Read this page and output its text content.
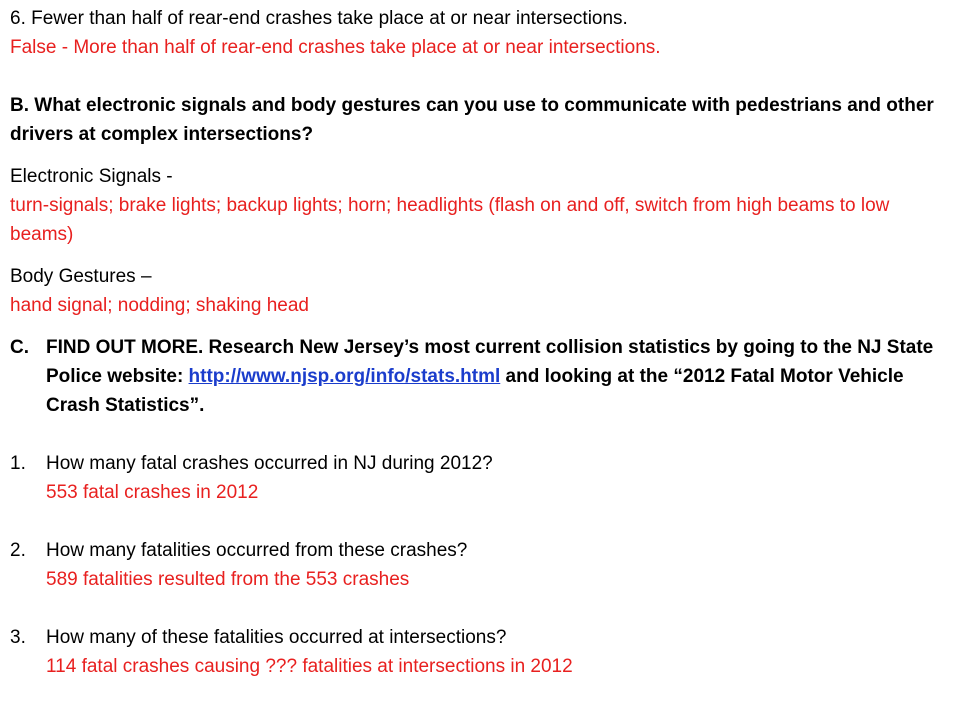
6. Fewer than half of rear-end crashes take place at or near intersections.
False - More than half of rear-end crashes take place at or near intersections.
B. What electronic signals and body gestures can you use to communicate with pedestrians and other drivers at complex intersections?
Electronic Signals -
turn-signals; brake lights; backup lights; horn; headlights (flash on and off, switch from high beams to low beams)
Body Gestures –
hand signal; nodding; shaking head
C. FIND OUT MORE. Research New Jersey’s most current collision statistics by going to the NJ State Police website: http://www.njsp.org/info/stats.html and looking at the “2012 Fatal Motor Vehicle Crash Statistics”.
1.	How many fatal crashes occurred in NJ during 2012?
553 fatal crashes in 2012
2.	How many fatalities occurred from these crashes?
589 fatalities resulted from the 553 crashes
3.	How many of these fatalities occurred at intersections?
114 fatal crashes causing ??? fatalities at intersections in 2012
